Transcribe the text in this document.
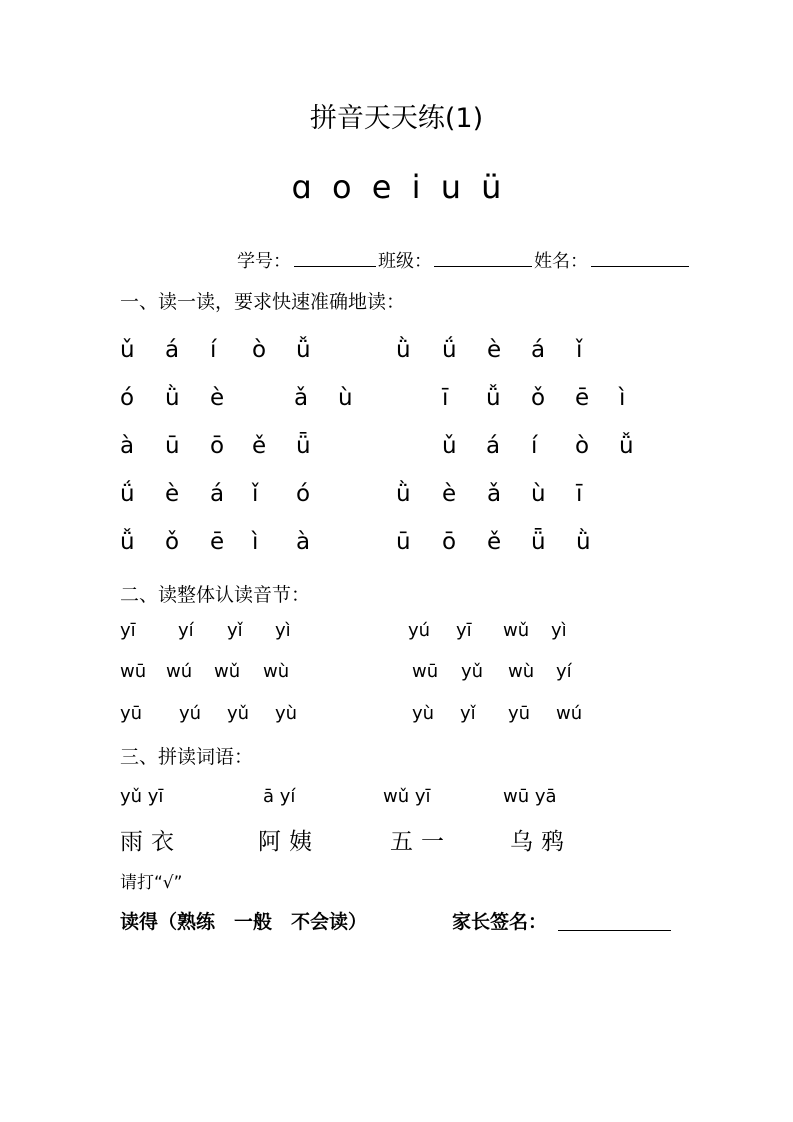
拼音天天练(1)
ɑ o e i u ü
学号：	班级：	姓名：
一、读一读，要求快速准确地读：
ǔ á í ò ǚ	ǜ ǘ è á ǐ
ó ǜ è	ǎ ù	ī ǚ ǒ ē ì
à ū ō ě ǖ	ǔ á í ò ǚ
ǘ è á ǐ ó	ǜ è ǎ ù ī
ǚ ǒ ē ì à	ū ō ě ǖ ǜ
二、读整体认读音节：
yī yí yǐ yì	yú yī wǔ yì
wū wú wǔ wù	wū yǔ wù yí
yū yú yǔ yù	yù yǐ yū wú
三、拼读词语：
yǔ yī
雨衣
ā yí
阿姨
wǔ yī
五一
wū yā
乌鸦
请打“√”
读得（熟练　一般　不会读）	家长签名：
